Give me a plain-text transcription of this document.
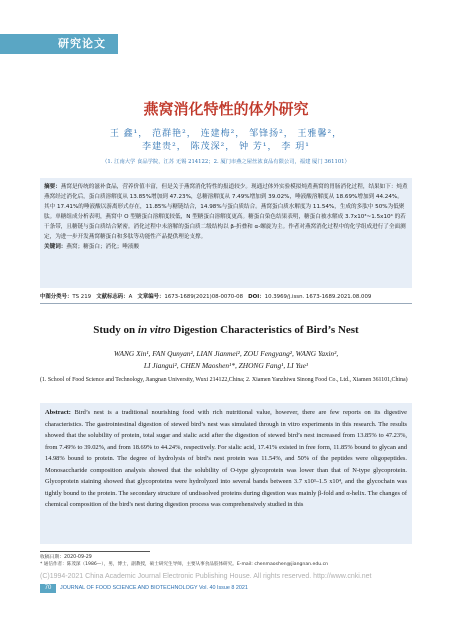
研究论文
燕窝消化特性的体外研究
王 鑫¹， 范群艳²， 连建梅²， 邹锋扬²， 王雅馨²，
李建贵²， 陈茂深²， 钟 芳¹， 李 玥¹
（1. 江南大学 食品学院，江苏 无锡 214122；2. 厦门市燕之屋丝浓食品有限公司，福建 厦门 361101）
摘要：燕窝是传统的滋补食品，营养价值丰富，但是关于燕窝消化特性的报道较少。现通过体外实验模拟炖煮燕窝的胃肠消化过程，结果如下：炖煮燕窝经过消化后，蛋白质溶解度从 13.85%增加到 47.23%，总糖溶解度从 7.49%增加到 39.02%，唾液酸溶解度从 18.69%增加到 44.24%。其中 17.41%的唾液酸以游离形式存在，11.85%与糖链结合，14.98%与蛋白质结合。燕窝蛋白质水解度为 11.54%，生成的多肽中 50%为低聚肽。单糖组成分析表明，燕窝中 O 型糖蛋白溶解度较低，N 型糖蛋白溶解度更高。糖蛋白染色结果表明，糖蛋白被水解成 3.7x10³~1.5x10⁴ 的若干条带，且糖链与蛋白质结合紧密。消化过程中未溶解的蛋白质二级结构以 β-折叠和 α-螺旋为主。作者对燕窝消化过程中的化学组成进行了全面测定，为进一步开发燕窝糖蛋白和多肽等功能性产品提供理论支撑。
关键词：燕窝；糖蛋白；消化；唾液酸
中图分类号：TS 219 文献标志码：A 文章编号：1673-1689(2021)08-0070-08 DOI：10.3969/j.issn. 1673-1689.2021.08.009
Study on in vitro Digestion Characteristics of Bird’s Nest
WANG Xin¹, FAN Qunyan², LIAN Jianmei², ZOU Fengyang², WANG Yaxin²,
LI Jiangui², CHEN Maoshen¹*, ZHONG Fang¹, LI Yue¹
(1. School of Food Science and Technology, Jiangnan University, Wuxi 214122,China; 2. Xiamen Yanzhiwu Sinong Food Co., Ltd., Xiamen 361101,China)
Abstract: Bird’s nest is a traditional nourishing food with rich nutritional value, however, there are few reports on its digestive characteristics. The gastrointestinal digestion of stewed bird’s nest was simulated through in vitro experiments in this research. The results showed that the solubility of protein, total sugar and sialic acid after the digestion of stewed bird’s nest increased from 13.85% to 47.23%, from 7.49% to 39.02%, and from 18.69% to 44.24%, respectively. For sialic acid, 17.41% existed in free form, 11.85% bound to glycan and 14.98% bound to protein. The degree of hydrolysis of bird’s nest protein was 11.54%, and 50% of the peptides were oligopeptides. Monosaccharide composition analysis showed that the solubility of O-type glycoprotein was lower than that of N-type glycoprotein. Glycoprotein staining showed that glycoproteins were hydrolyzed into several bands between 3.7 x10³–1.5 x10⁴, and the glycochain was tightly bound to the protein. The secondary structure of undissolved proteins during digestion was mainly β-fold and α-helix. The changes of chemical composition of the bird's nest during digestion process was comprehensively studied in this
收稿日期：2020-09-29
* 通信作者：陈茂深（1986—），男，博士，副教授，硕士研究生导师，主要从事食品胶体研究。E-mail: chenmaoshen@jiangnan.edu.cn
(C)1994-2021 China Academic Journal Electronic Publishing House. All rights reserved. http://www.cnki.net
70	JOURNAL OF FOOD SCIENCE AND BIOTECHNOLOGY Vol. 40 Issue 8 2021
